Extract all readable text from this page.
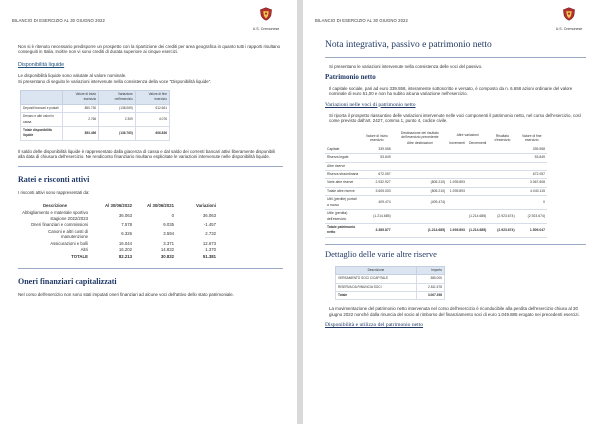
BILANCIO DI ESERCIZIO AL 30 GIUGNO 2022
U.S. Cremonese

Non si è ritenuto necessario predisporre un prospetto con la ripartizione dei crediti per area geografica in quanto tutti i rapporti risultano conseguiti in Italia. Inoltre non vi sono crediti di durata superiore ai cinque esercizi.

Disponibilità liquide

Le disponibilità liquide sono valutate al valore nominale.
Si presentano di seguito le variazioni intervenute nella consistenza della voce "Disponibilità liquide".

	Valore di inizio esercizio	Variazione nell'esercizio	Valore di fine esercizio
Depositi bancari e postali	850.730	(138.069)	612.661
Denaro e altri valori in cassa	2.766	2.309	4.076
Totale disponibilità liquide	853.496	(136.760)	606.836

Il saldo delle disponibilità liquide è rappresentato dalla giacenza di cassa e dal saldo dei correnti bancari attivi liberamente disponibili alla data di chiusura dell'esercizio. Ne rendiconto finanziario risultano esplicitate le variazioni intervenute nelle disponibilità liquide.

Ratei e risconti attivi

I risconti attivi sono rappresentati da:

Descrizione	Al 30/06/2022	Al 30/06/2021	Variazioni
Abbigliamento e materiale sportivo stagione 2022/2023	36.063	0	36.063
Oneri finanziari e commissioni	7.578	9.035	-1.457
Canoni e altri costi di manutenzione	6.326	3.594	2.732
Assicurazioni e bolli	16.044	3.371	12.673
Altri	16.202	14.832	1.370
TOTALE	82.213	30.832	51.381
Oneri finanziari capitalizzati

Nel corso dell'esercizio non sono stati imputati oneri finanziari ad alcune voci dell'attivo dello stato patrimoniale.

BILANCIO DI ESERCIZIO AL 30 GIUGNO 2022
U.S. Cremonese
Nota integrativa, passivo e patrimonio netto

Si presentano le variazioni intervenute nella consistenza delle voci del passivo.

Patrimonio netto

Il capitale sociale, pari ad euro 339.558, interamente sottoscritto e versato, è composto da n. 6.658 azioni ordinarie del valore nominale di euro 51,00 e non ha subito alcuna variazione nell'esercizio.

Variazioni nelle voci di patrimonio netto

Si riporta il prospetto riassuntivo delle variazioni intervenute nelle voci componenti il patrimonio netto, nel corso dell'esercizio, così come previsto dall'art. 2427, comma 1, punto 4, codice civile.

	Valore di inizio esercizio	Destinazione del risultato dell'esercizio precedente	Altre variazioni		Risultato d'esercizio	Valore di fine esercizio
		Altre destinazioni	Incrementi	Decrementi		
Capitale	339.558					339.558
Riserva legale	53.849					53.849
Altre riserve						
Riserva straordinaria	672.057					672.057
Varie altre riserve	2.932.927	(805.210)	1.939.893			3.067.608
Totale altre riserve	3.605.003	(805.210)	1.939.893			4.040.115
Utili (perdite) portati a nuovo	409.474	(409.474)				0
Utile (perdita) dell'esercizio	(1.214.685)			(1.214.685)	(2.923.674)	(2.923.674)
Totale patrimonio netto	3.385.877	(1.214.685)	1.939.893	(1.214.685)	(2.923.674)	1.509.047
Dettaglio delle varie altre riserve
Descrizione	Importo
VERSAMENTO SOCI C/CAPITALE	385.000
RISERVA DA RINUNCIA SOCI	2.811.578
Totale	3.067.398

La movimentazione del patrimonio netto intervenuta nel corso dell'esercizio è riconducibile alla perdita dell'esercizio chiuso al 30 giugno 2022 nonché dalla rinuncia del socio al rimborso del finanziamento soci di euro 1.049.885 erogato nei precedenti esercizi.

Disponibilità e utilizzo del patrimonio netto
